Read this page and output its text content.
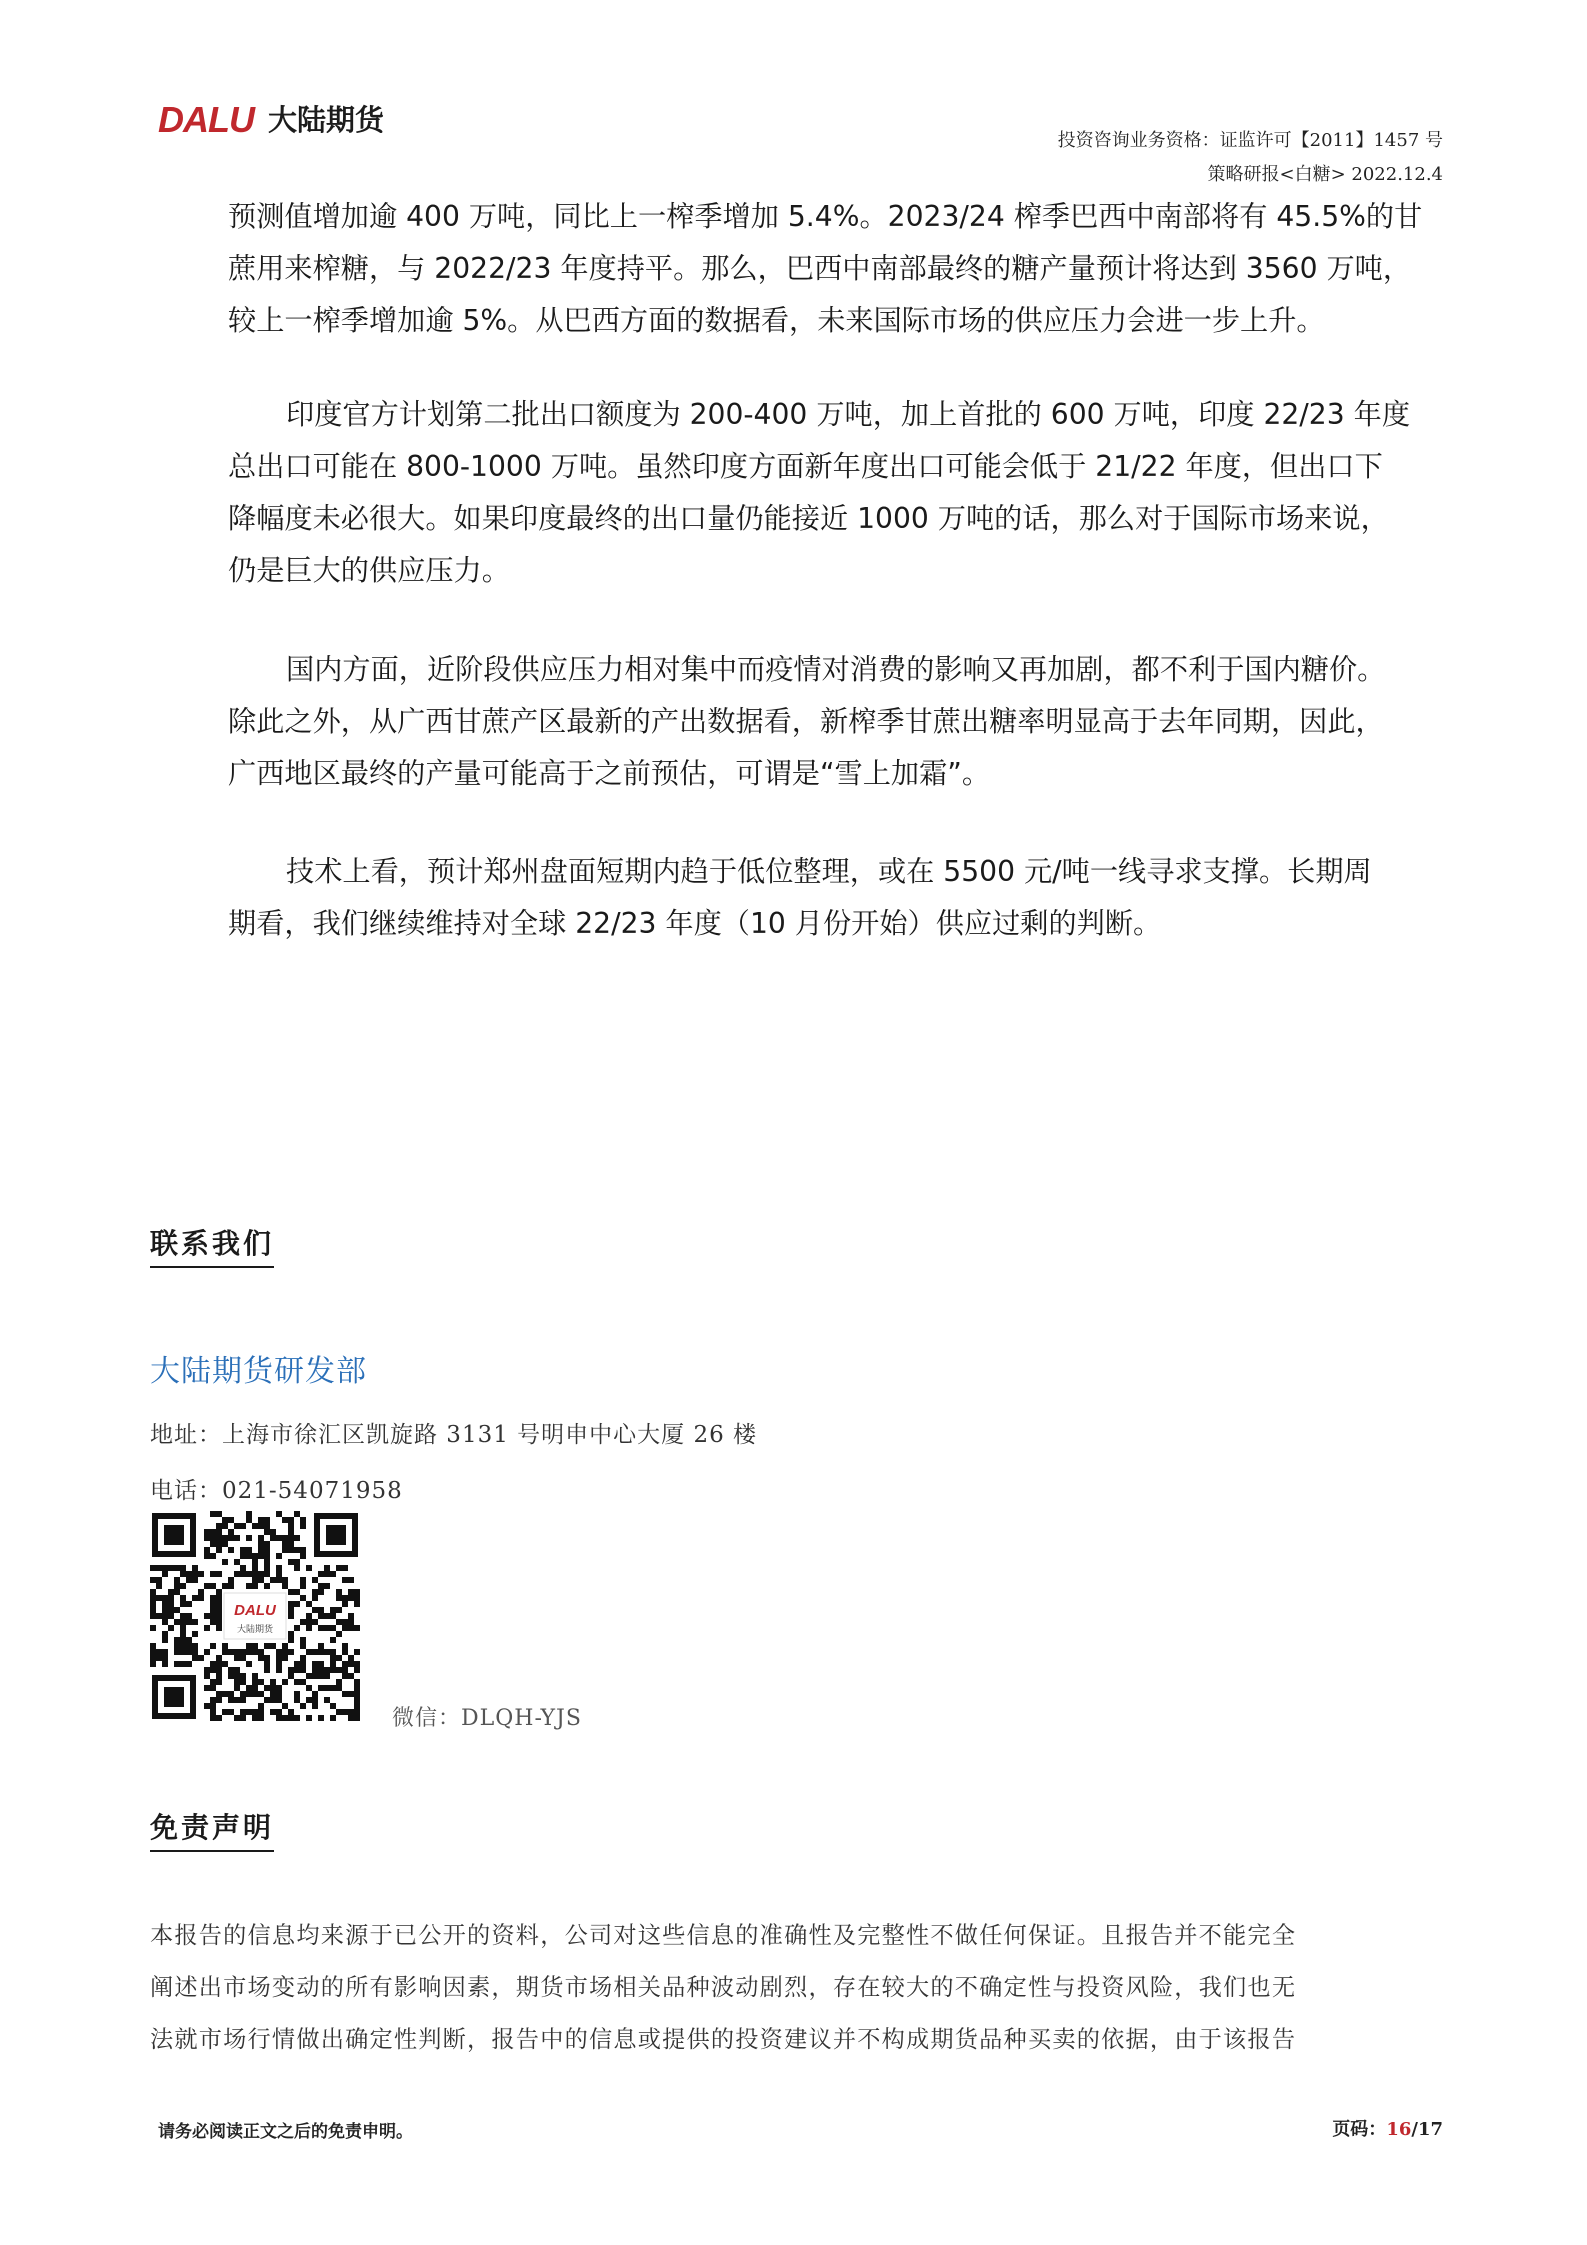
DALU 大陆期货
投资咨询业务资格：证监许可【2011】1457 号
策略研报<白糖> 2022.12.4
预测值增加逾 400 万吨，同比上一榨季增加 5.4%。2023/24 榨季巴西中南部将有 45.5%的甘
蔗用来榨糖，与 2022/23 年度持平。那么，巴西中南部最终的糖产量预计将达到 3560 万吨，
较上一榨季增加逾 5%。从巴西方面的数据看，未来国际市场的供应压力会进一步上升。
印度官方计划第二批出口额度为 200-400 万吨，加上首批的 600 万吨，印度 22/23 年度
总出口可能在 800-1000 万吨。虽然印度方面新年度出口可能会低于 21/22 年度，但出口下
降幅度未必很大。如果印度最终的出口量仍能接近 1000 万吨的话，那么对于国际市场来说，
仍是巨大的供应压力。
国内方面，近阶段供应压力相对集中而疫情对消费的影响又再加剧，都不利于国内糖价。
除此之外，从广西甘蔗产区最新的产出数据看，新榨季甘蔗出糖率明显高于去年同期，因此，
广西地区最终的产量可能高于之前预估，可谓是“雪上加霜”。
技术上看，预计郑州盘面短期内趋于低位整理，或在 5500 元/吨一线寻求支撑。长期周
期看，我们继续维持对全球 22/23 年度（10 月份开始）供应过剩的判断。
联系我们
大陆期货研发部
地址：上海市徐汇区凯旋路 3131 号明申中心大厦 26 楼
电话：021-54071958
DALU
大陆期货
微信：DLQH-YJS
免责声明
本报告的信息均来源于已公开的资料，公司对这些信息的准确性及完整性不做任何保证。且报告并不能完全
阐述出市场变动的所有影响因素，期货市场相关品种波动剧烈，存在较大的不确定性与投资风险，我们也无
法就市场行情做出确定性判断，报告中的信息或提供的投资建议并不构成期货品种买卖的依据，由于该报告
请务必阅读正文之后的免责申明。	页码：16/17
